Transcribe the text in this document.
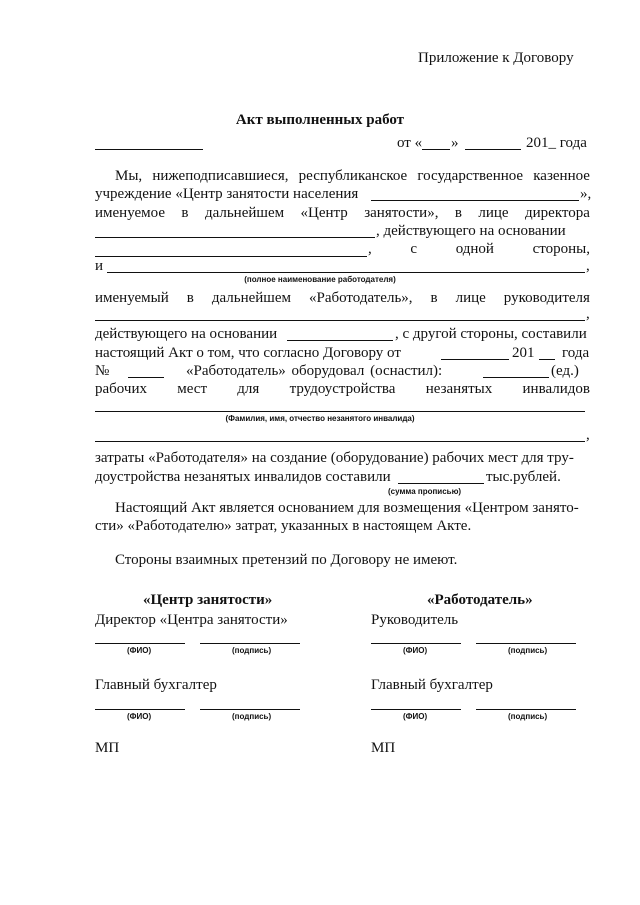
Приложение к Договору
Акт выполненных работ
от « »	201_ года
Мы, нижеподписавшиеся, республиканское государственное казенное
учреждение «Центр занятости населения	»,
именуемое в дальнейшем «Центр занятости», в лице директора
, действующего на основании
,	с	одной	стороны,
и	,
(полное наименование работодателя)
именуемый в дальнейшем «Работодатель», в лице руководителя
,
действующего на основании	, с другой стороны, составили
настоящий Акт о том, что согласно Договору от	201 года
№	«Работодатель» оборудовал (оснастил):	(ед.)
рабочих мест для трудоустройства незанятых инвалидов
(Фамилия, имя, отчество незанятого инвалида)
,
затраты «Работодателя» на создание (оборудование) рабочих мест для тру-
доустройства незанятых инвалидов составили	тыс.рублей.
(сумма прописью)
Настоящий Акт является основанием для возмещения «Центром занято-
сти» «Работодателю» затрат, указанных в настоящем Акте.
Стороны взаимных претензий по Договору не имеют.
«Центр занятости»
Директор «Центра занятости»
(ФИО)	(подпись)
Главный бухгалтер
(ФИО)	(подпись)
МП
«Работодатель»
Руководитель
(ФИО)	(подпись)
Главный бухгалтер
(ФИО)	(подпись)
МП
